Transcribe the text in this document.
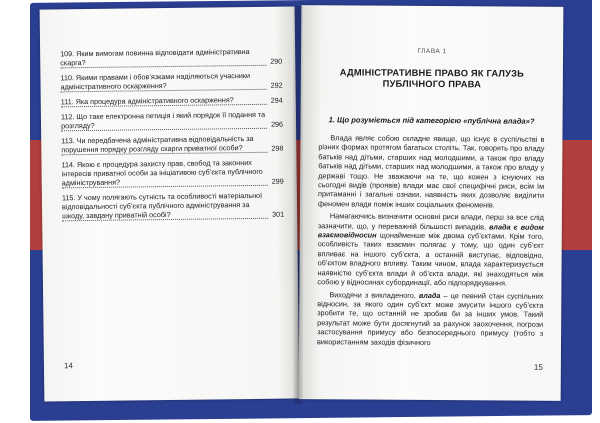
109. Яким вимогам повинна відповідати адміністративна скарга?	290
110. Якими правами і обов’язками наділяються учасники адміністративного оскарження?	292
111. Яка процедура адміністративного оскарження?	294
112. Що таке електронна петиція і який порядок її подання та розгляду?	296
113. Чи передбачена адміністративна відповідальність за порушення порядку розгляду скарги приватної особи?	298
114. Якою є процедура захисту прав, свобод та законних інтересів приватної особи за ініціативою суб’єкта публічного адміністрування?	299
115. У чому полягають сутність та особливості матеріальної відповідальності суб’єкта публічного адміністрування за шкоду, завдану приватній особі?	301
14
ГЛАВА 1
АДМІНІСТРАТИВНЕ ПРАВО ЯК ГАЛУЗЬ
ПУБЛІЧНОГО ПРАВА
1. Що розуміється під категорією «публічна влада»?

Влада являє собою складне явище, що існує в суспільстві в різних формах протягом багатьох століть. Так, говорять про владу батьків над дітьми, старших над молодшими, а також про владу батьків над дітьми, старших над молодшими, а також про владу у державі тощо. Не зважаючи на те, що кожен з існуючих на сьогодні видів (проявів) влади має свої специфічні риси, всім їм притаманні і загальні ознаки, наявність яких дозволяє виділити феномен влади поміж інших соціальних феноменів.

Намагаючись визначити основні риси влади, перш за все слід зазначити, що, у переважній більшості випадків, влада є видом взаємовідносин щонайменше між двома суб’єктами. Крім того, особливість таких взаємин полягає у тому, що один суб’єкт впливає на іншого суб’єкта, а останній виступає, відповідно, об’єктом владного впливу. Таким чином, влада характеризується наявністю суб’єкта влади й об’єкта влади, які знаходяться між собою у відносинах субординації, або підпорядкування.

Виходячи з викладеного, влада – це певний стан суспільних відносин, за якого один суб’єкт може змусити іншого суб’єкта зробити те, що останній не зробив би за інших умов. Такий результат може бути досягнутий за рахунок заохочення, погрози застосування примусу або безпосереднього примусу (тобто з використанням заходів фізичного

15
